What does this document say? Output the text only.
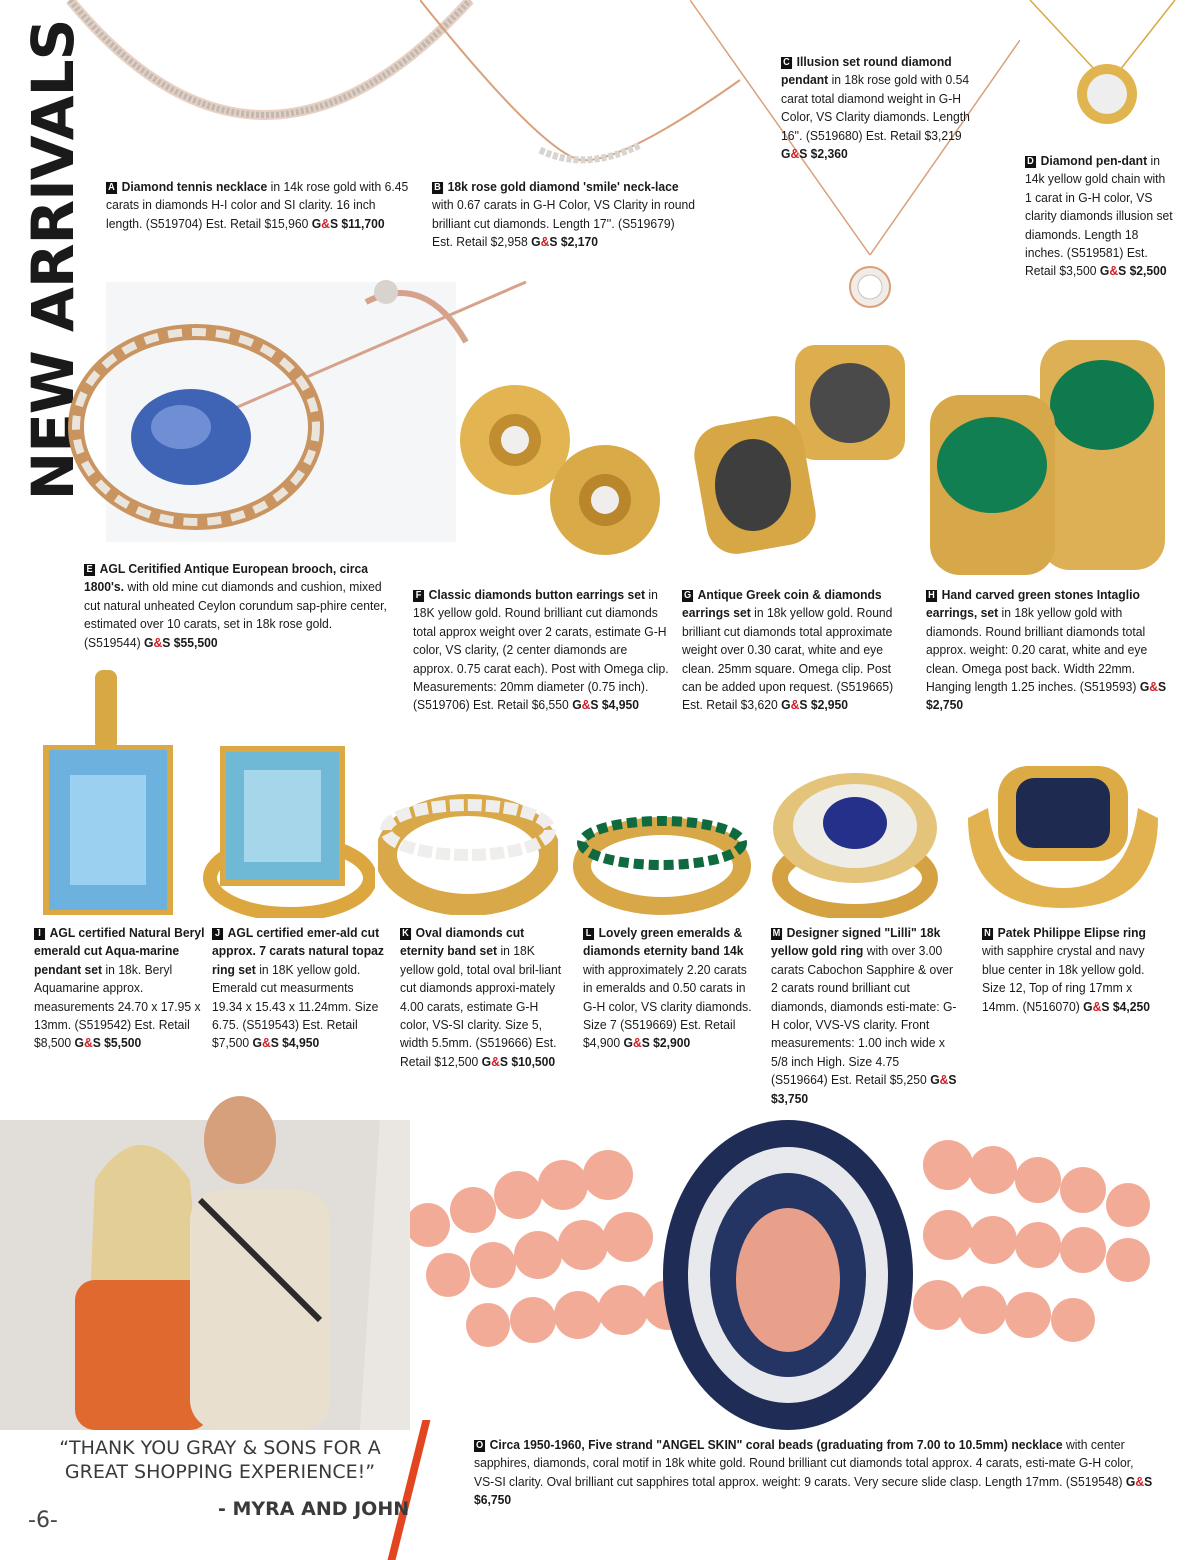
NEW ARRIVALS A Diamond tennis necklace in 14k rose gold with 6.45 carats in diamonds H-I color and SI clarity. 16 inch length. (S519704) Est. Retail $15,960 G&S $11,700
B 18k rose gold diamond 'smile' neck-lace with 0.67 carats in G-H Color, VS Clarity in round brilliant cut diamonds. Length 17''. (S519679) Est. Retail $2,958 G&S $2,170
C Illusion set round diamond pendant in 18k rose gold with 0.54 carat total diamond weight in G-H Color, VS Clarity diamonds. Length 16''. (S519680) Est. Retail $3,219 G&S $2,360
D Diamond pen-dant in 14k yellow gold chain with 1 carat in G-H color, VS clarity diamonds illusion set diamonds. Length 18 inches. (S519581) Est. Retail $3,500 G&S $2,500
E AGL Ceritified Antique European brooch, circa 1800's. with old mine cut diamonds and cushion, mixed cut natural unheated Ceylon corundum sap-phire center, estimated over 10 carats, set in 18k rose gold. (S519544) G&S $55,500
F Classic diamonds button earrings set in 18K yellow gold. Round brilliant cut diamonds total approx weight over 2 carats, estimate G-H color, VS clarity, (2 center diamonds are approx. 0.75 carat each). Post with Omega clip. Measurements: 20mm diameter (0.75 inch). (S519706) Est. Retail $6,550 G&S $4,950
G Antique Greek coin & diamonds earrings set in 18k yellow gold. Round brilliant cut diamonds total approximate weight over 0.30 carat, white and eye clean. 25mm square. Omega clip. Post can be added upon request. (S519665) Est. Retail $3,620 G&S $2,950
H Hand carved green stones Intaglio earrings, set in 18k yellow gold with diamonds. Round brilliant diamonds total approx. weight: 0.20 carat, white and eye clean. Omega post back. Width 22mm. Hanging length 1.25 inches. (S519593) G&S $2,750
I AGL certified Natural Beryl emerald cut Aqua-marine pendant set in 18k. Beryl Aquamarine approx. measurements 24.70 x 17.95 x 13mm. (S519542) Est. Retail $8,500 G&S $5,500
J AGL certified emer-ald cut approx. 7 carats natural topaz ring set in 18K yellow gold. Emerald cut measurments 19.34 x 15.43 x 11.24mm. Size 6.75. (S519543) Est. Retail $7,500 G&S $4,950
K Oval diamonds cut eternity band set in 18K yellow gold, total oval bril-liant cut diamonds approxi-mately 4.00 carats, estimate G-H color, VS-SI clarity. Size 5, width 5.5mm. (S519666) Est. Retail $12,500 G&S $10,500
L Lovely green emeralds & diamonds eternity band 14k with approximately 2.20 carats in emeralds and 0.50 carats in G-H color, VS clarity diamonds. Size 7 (S519669) Est. Retail $4,900 G&S $2,900
M Designer signed "Lilli" 18k yellow gold ring with over 3.00 carats Cabochon Sapphire & over 2 carats round brilliant cut diamonds, diamonds esti-mate: G-H color, VVS-VS clarity. Front measurements: 1.00 inch wide x 5/8 inch High. Size 4.75 (S519664) Est. Retail $5,250 G&S $3,750
N Patek Philippe Elipse ring with sapphire crystal and navy blue center in 18k yellow gold. Size 12, Top of ring 17mm x 14mm. (N516070) G&S $4,250
O Circa 1950-1960, Five strand "ANGEL SKIN" coral beads (graduating from 7.00 to 10.5mm) necklace with center sapphires, diamonds, coral motif in 18k white gold. Round brilliant cut diamonds total approx. 4 carats, esti-mate G-H color, VS-SI clarity. Oval brilliant cut sapphires total approx. weight: 9 carats. Very secure slide clasp. Length 17mm. (S519548) G&S $6,750
“THANK YOU GRAY & SONS FOR A GREAT SHOPPING EXPERIENCE!”
- MYRA AND JOHN
-6-
